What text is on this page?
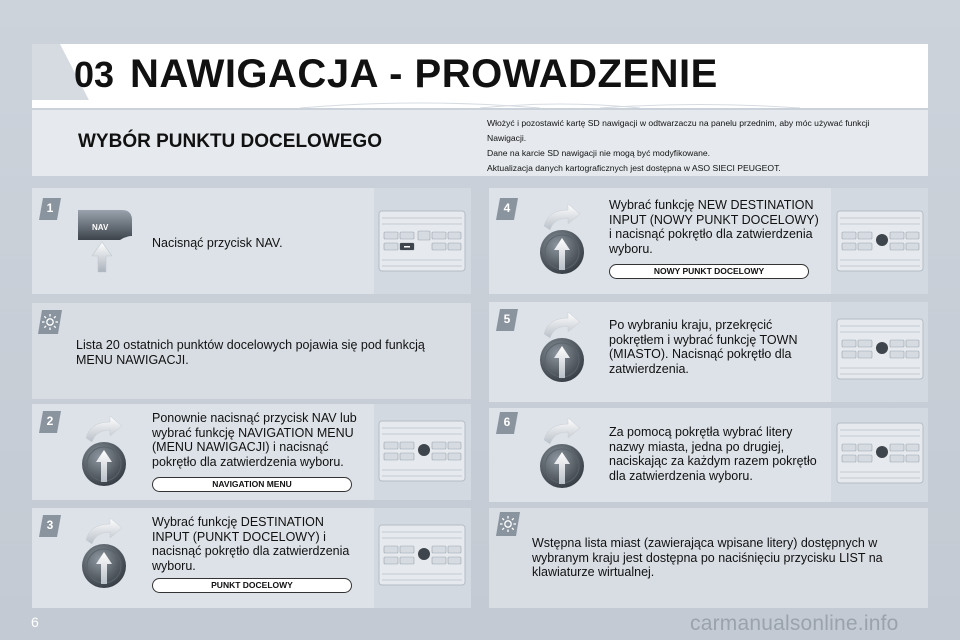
03 NAWIGACJA - PROWADZENIE
WYBÓR PUNKTU DOCELOWEGO
Włożyć i pozostawić kartę SD nawigacji w odtwarzaczu na panelu przednim, aby móc używać funkcji
Nawigacji.
Dane na karcie SD nawigacji nie mogą być modyfikowane.
Aktualizacja danych kartograficznych jest dostępna w ASO SIECI PEUGEOT.
1
NAV
Nacisnąć przycisk NAV.
Lista 20 ostatnich punktów docelowych pojawia się pod funkcją
MENU NAWIGACJI.
2	Ponownie nacisnąć przycisk NAV lub
wybrać funkcję NAVIGATION MENU
(MENU NAWIGACJI) i nacisnąć
pokrętło dla zatwierdzenia wyboru.
NAVIGATION MENU
3	Wybrać funkcję DESTINATION
INPUT (PUNKT DOCELOWY) i
nacisnąć pokrętło dla zatwierdzenia
wyboru.
PUNKT DOCELOWY
4	Wybrać funkcję NEW DESTINATION
INPUT (NOWY PUNKT DOCELOWY)
i nacisnąć pokrętło dla zatwierdzenia
wyboru.
NOWY PUNKT DOCELOWY
5	Po wybraniu kraju, przekręcić
pokrętłem i wybrać funkcję TOWN
(MIASTO). Nacisnąć pokrętło dla
zatwierdzenia.
6
Za pomocą pokrętła wybrać litery
nazwy miasta, jedna po drugiej,
naciskając za każdym razem pokrętło
dla zatwierdzenia wyboru.
Wstępna lista miast (zawierająca wpisane litery) dostępnych w
wybranym kraju jest dostępna po naciśnięciu przycisku LIST na
klawiaturze wirtualnej.
6	carmanualsonline.info
